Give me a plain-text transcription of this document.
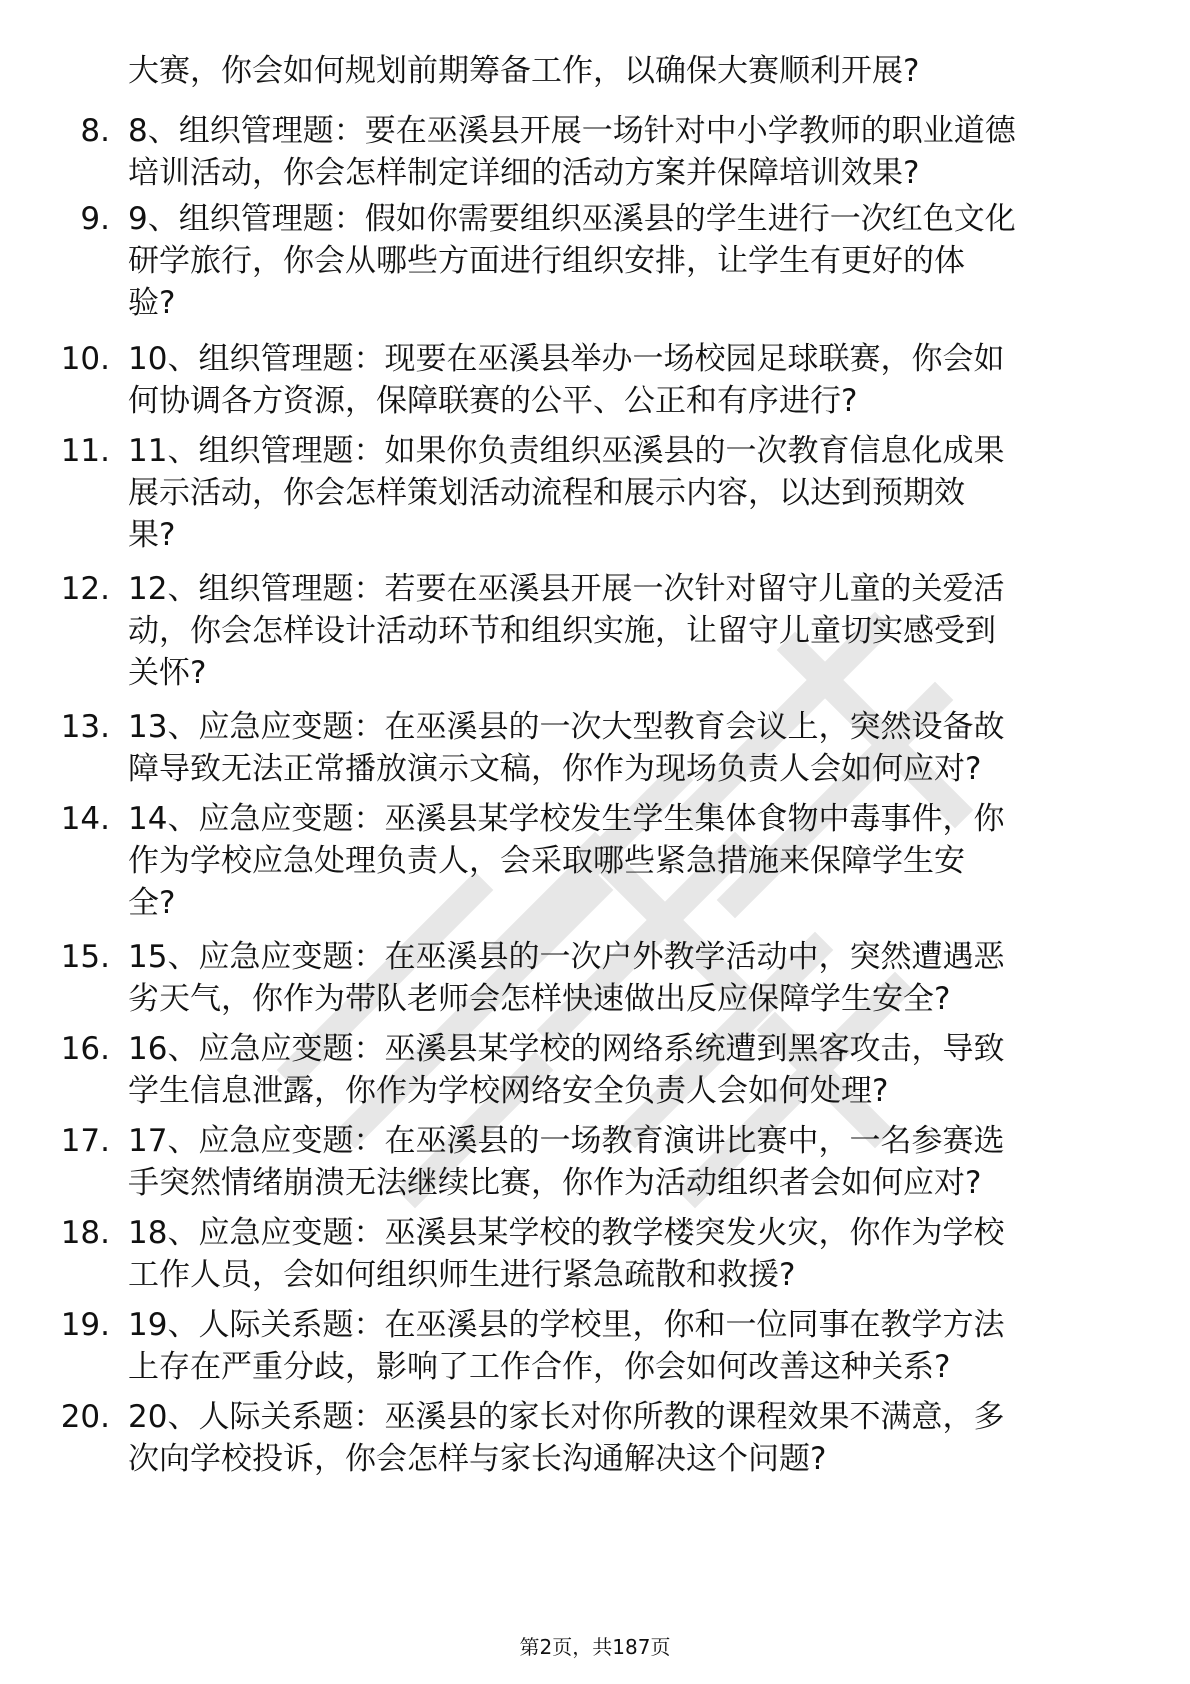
大赛，你会如何规划前期筹备工作，以确保大赛顺利开展?
8. 8、组织管理题：要在巫溪县开展一场针对中小学教师的职业道德
培训活动，你会怎样制定详细的活动方案并保障培训效果?
9. 9、组织管理题：假如你需要组织巫溪县的学生进行一次红色文化
研学旅行，你会从哪些方面进行组织安排，让学生有更好的体
验?
10. 10、组织管理题：现要在巫溪县举办一场校园足球联赛，你会如
何协调各方资源，保障联赛的公平、公正和有序进行?
11. 11、组织管理题：如果你负责组织巫溪县的一次教育信息化成果
展示活动，你会怎样策划活动流程和展示内容，以达到预期效
果?
12. 12、组织管理题：若要在巫溪县开展一次针对留守儿童的关爱活
动，你会怎样设计活动环节和组织实施，让留守儿童切实感受到
关怀?
13. 13、应急应变题：在巫溪县的一次大型教育会议上，突然设备故
障导致无法正常播放演示文稿，你作为现场负责人会如何应对?
14. 14、应急应变题：巫溪县某学校发生学生集体食物中毒事件，你
作为学校应急处理负责人，会采取哪些紧急措施来保障学生安
全?
15. 15、应急应变题：在巫溪县的一次户外教学活动中，突然遭遇恶
劣天气，你作为带队老师会怎样快速做出反应保障学生安全?
16. 16、应急应变题：巫溪县某学校的网络系统遭到黑客攻击，导致
学生信息泄露，你作为学校网络安全负责人会如何处理?
17. 17、应急应变题：在巫溪县的一场教育演讲比赛中，一名参赛选
手突然情绪崩溃无法继续比赛，你作为活动组织者会如何应对?
18. 18、应急应变题：巫溪县某学校的教学楼突发火灾，你作为学校
工作人员，会如何组织师生进行紧急疏散和救援?
19. 19、人际关系题：在巫溪县的学校里，你和一位同事在教学方法
上存在严重分歧，影响了工作合作，你会如何改善这种关系?
20. 20、人际关系题：巫溪县的家长对你所教的课程效果不满意，多
次向学校投诉，你会怎样与家长沟通解决这个问题?
第2页，共187页
